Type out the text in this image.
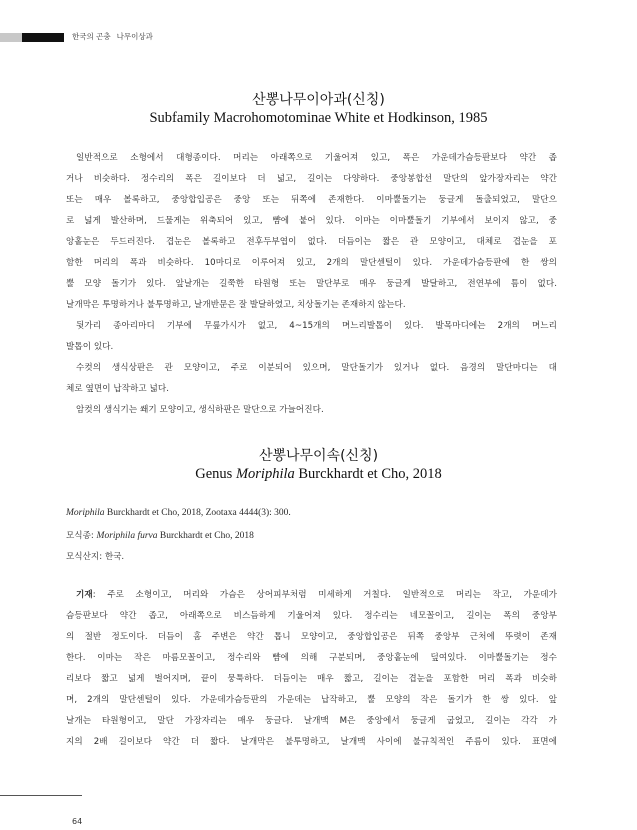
한국의 곤충 나무이상과
산뽕나무이아과(신칭)
Subfamily Macrohomotominae White et Hodkinson, 1985
일반적으로 소형에서 대형종이다. 머리는 아래쪽으로 기울어져 있고, 폭은 가운데가슴등판보다 약간 좁
거나 비슷하다. 정수리의 폭은 길이보다 더 넓고, 길이는 다양하다. 중앙봉합선 말단의 앞가장자리는 약간
또는 매우 볼록하고, 중앙합입공은 중앙 또는 뒤쪽에 존재한다. 이마뿔돌기는 둥글게 돌출되었고, 말단으
로 넓게 발산하며, 드물게는 위축되어 있고, 뺨에 붙어 있다. 이마는 이마뿔돌기 기부에서 보이지 않고, 중
앙홑눈은 두드러진다. 겹눈은 볼록하고 전후두부엽이 없다. 더듬이는 짧은 관 모양이고, 대체로 겹눈을 포
함한 머리의 폭과 비슷하다. 10마디로 이루어져 있고, 2개의 말단센털이 있다. 가운데가슴등판에 한 쌍의
뿔 모양 돌기가 있다. 앞날개는 길쭉한 타원형 또는 말단부로 매우 둥글게 발달하고, 전연부에 틈이 없다.
날개막은 투명하거나 불투명하고, 날개반문은 잘 발달하였고, 치상돌기는 존재하지 않는다.
뒷가리 종아리마디 기부에 무릎가시가 없고, 4~15개의 며느리발톱이 있다. 발목마디에는 2개의 며느리
발톱이 있다.
수컷의 생식상판은 관 모양이고, 주로 이분되어 있으며, 말단돌기가 있거나 없다. 음경의 말단마디는 대
체로 옆면이 납작하고 넓다.
암컷의 생식기는 쐐기 모양이고, 생식하판은 말단으로 가늘어진다.
산뽕나무이속(신칭)
Genus Moriphila Burckhardt et Cho, 2018
Moriphila Burckhardt et Cho, 2018, Zootaxa 4444(3): 300.
모식종: Moriphila furva Burckhardt et Cho, 2018
모식산지: 한국.
기재: 주로 소형이고, 머리와 가슴은 상어피부처럼 미세하게 거칠다. 일반적으로 머리는 작고, 가운데가
슴등판보다 약간 좁고, 아래쪽으로 비스듬하게 기울어져 있다. 정수리는 네모꼴이고, 길이는 폭의 중앙부
의 절반 정도이다. 더듬이 홈 주변은 약간 톱니 모양이고, 중앙합입공은 뒤쪽 중앙부 근처에 뚜렷이 존재
한다. 이마는 작은 마름모꼴이고, 정수리와 뺨에 의해 구분되며, 중앙홑눈에 덮여있다. 이마뿔돌기는 정수
리보다 짧고 넓게 벌어지며, 끝이 뭉툭하다. 더듬이는 매우 짧고, 길이는 겹눈을 포함한 머리 폭과 비슷하
며, 2개의 말단센털이 있다. 가운데가슴등판의 가운데는 납작하고, 뿔 모양의 작은 돌기가 한 쌍 있다. 앞
날개는 타원형이고, 말단 가장자리는 매우 둥글다. 날개맥 M은 중앙에서 둥글게 굽었고, 길이는 각각 가
지의 2배 길이보다 약간 더 짧다. 날개막은 불투명하고, 날개맥 사이에 불규칙적인 주름이 있다. 표면에
64
